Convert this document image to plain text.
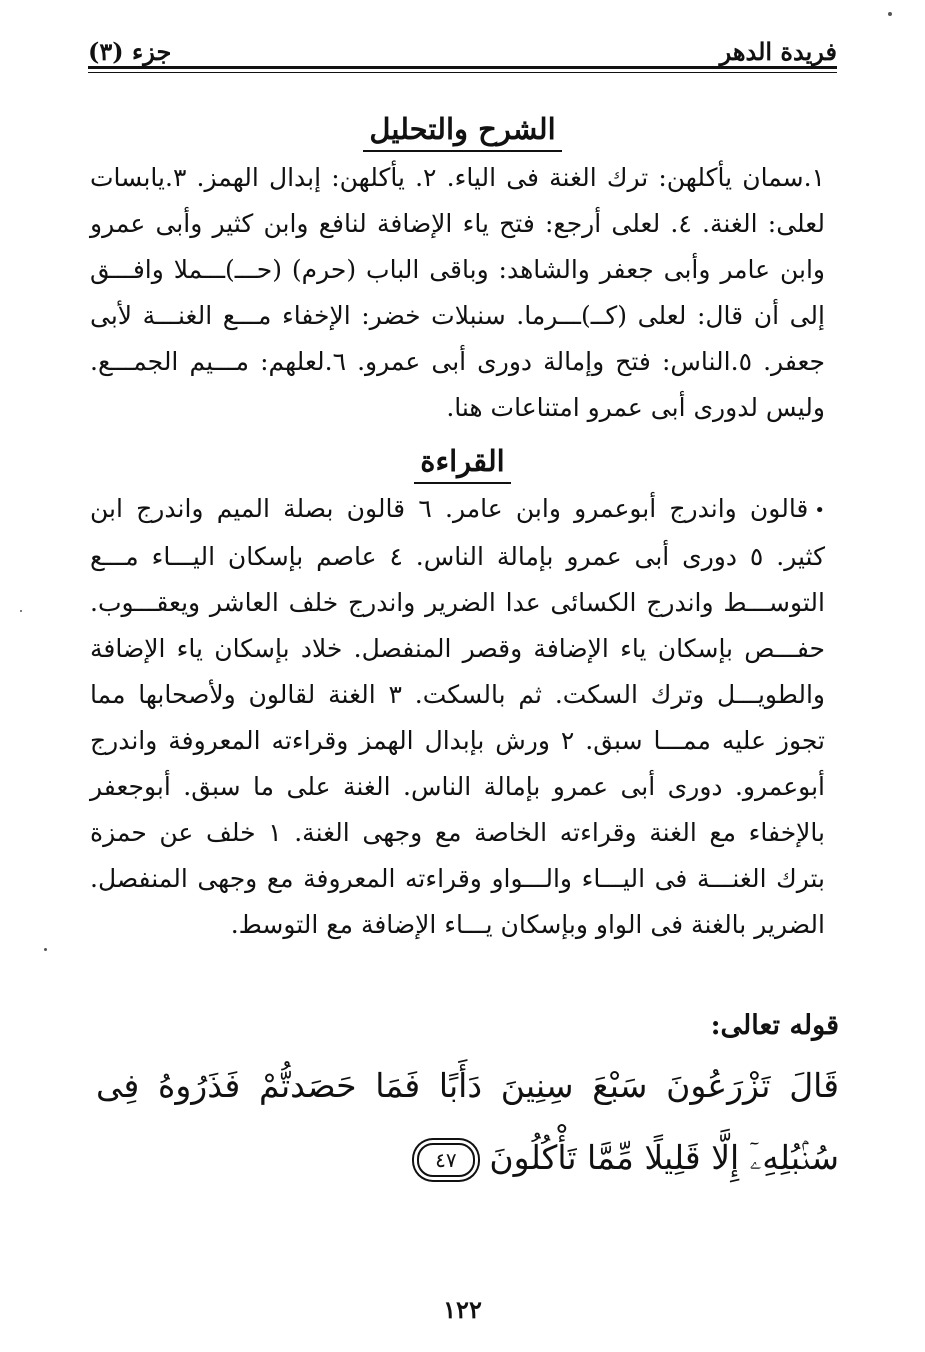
فريدة الدهر
جزء (٣)
الشرح والتحليل

١.سمان يأكلهن: ترك الغنة فى الياء. ٢. يأكلهن: إبدال الهمز. ٣.يابسات لعلى: الغنة. ٤. لعلى أرجع: فتح ياء الإضافة لنافع وابن كثير وأبى عمرو وابن عامر وأبى جعفر والشاهد: وباقى الباب (حرم) (حـــ)ـــملا وافـــق إلى أن قال: لعلى (كــ)ـــرما. سنبلات خضر: الإخفاء مـــع الغنـــة لأبى جعفر. ٥.الناس: فتح وإمالة دورى أبى عمرو. ٦.لعلهم: مـــيم الجمـــع. وليس لدورى أبى عمرو امتناعات هنا.

القراءة

•قالون واندرج أبوعمرو وابن عامر. ٦ قالون بصلة الميم واندرج ابن كثير. ٥ دورى أبى عمرو بإمالة الناس. ٤ عاصم بإسكان اليـــاء مـــع التوســـط واندرج الكسائى عدا الضرير واندرج خلف العاشر ويعقـــوب. حفـــص بإسكان ياء الإضافة وقصر المنفصل. خلاد بإسكان ياء الإضافة والطويـــل وترك السكت. ثم بالسكت. ٣ الغنة لقالون ولأصحابها مما تجوز عليه ممـــا سبق. ٢ ورش بإبدال الهمز وقراءته المعروفة واندرج أبوعمرو. دورى أبى عمرو بإمالة الناس. الغنة على ما سبق. أبوجعفر بالإخفاء مع الغنة وقراءته الخاصة مع وجهى الغنة. ١ خلف عن حمزة بترك الغنـــة فى اليـــاء والـــواو وقراءته المعروفة مع وجهى المنفصل. الضرير بالغنة فى الواو وبإسكان يـــاء الإضافة مع التوسط.

قوله تعالى:
قَالَ تَزْرَعُونَ سَبْعَ سِنِينَ دَأَبًا فَمَا حَصَدتُّمْ فَذَرُوهُ فِى سُنۢبُلِهِۦٓ إِلَّا قَلِيلًا مِّمَّا تَأْكُلُونَ ٤٧
١٢٢
